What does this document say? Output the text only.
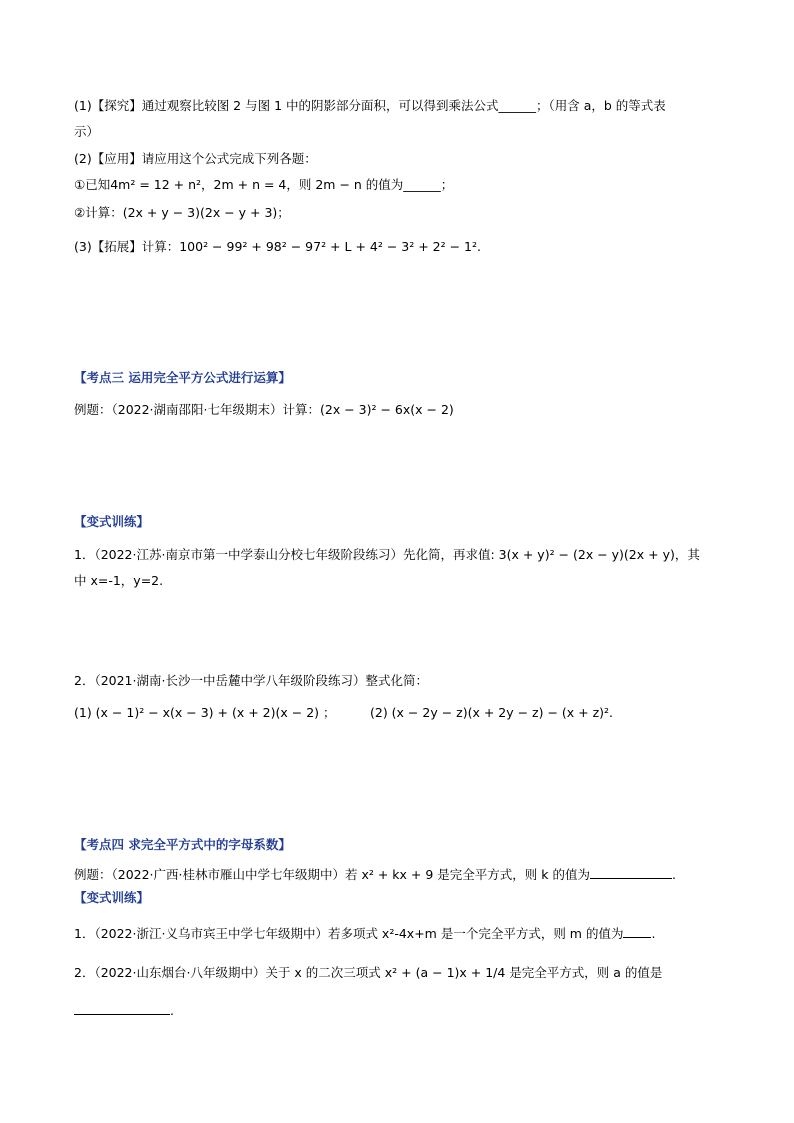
(1)【探究】通过观察比较图 2 与图 1 中的阴影部分面积，可以得到乘法公式______；（用含 a，b 的等式表
示）
(2)【应用】请应用这个公式完成下列各题：
①已知4m² = 12 + n²，2m + n = 4，则 2m − n 的值为______；
②计算：(2x + y − 3)(2x − y + 3)；
(3)【拓展】计算：100² − 99² + 98² − 97² + L + 4² − 3² + 2² − 1².
【考点三 运用完全平方公式进行运算】
例题：（2022·湖南邵阳·七年级期末）计算：(2x − 3)² − 6x(x − 2)
【变式训练】
1．（2022·江苏·南京市第一中学泰山分校七年级阶段练习）先化简，再求值: 3(x + y)² − (2x − y)(2x + y)，其
中 x=-1，y=2.
2．（2021·湖南·长沙一中岳麓中学八年级阶段练习）整式化简：
(1) (x − 1)² − x(x − 3) + (x + 2)(x − 2) ；	(2) (x − 2y − z)(x + 2y − z) − (x + z)².
【考点四 求完全平方式中的字母系数】
例题：（2022·广西·桂林市雁山中学七年级期中）若 x² + kx + 9 是完全平方式，则 k 的值为	.
【变式训练】
1．（2022·浙江·义乌市宾王中学七年级期中）若多项式 x²-4x+m 是一个完全平方式，则 m 的值为 .
2．（2022·山东烟台·八年级期中）关于 x 的二次三项式 x² + (a − 1)x + 1/4 是完全平方式，则 a 的值是
.
